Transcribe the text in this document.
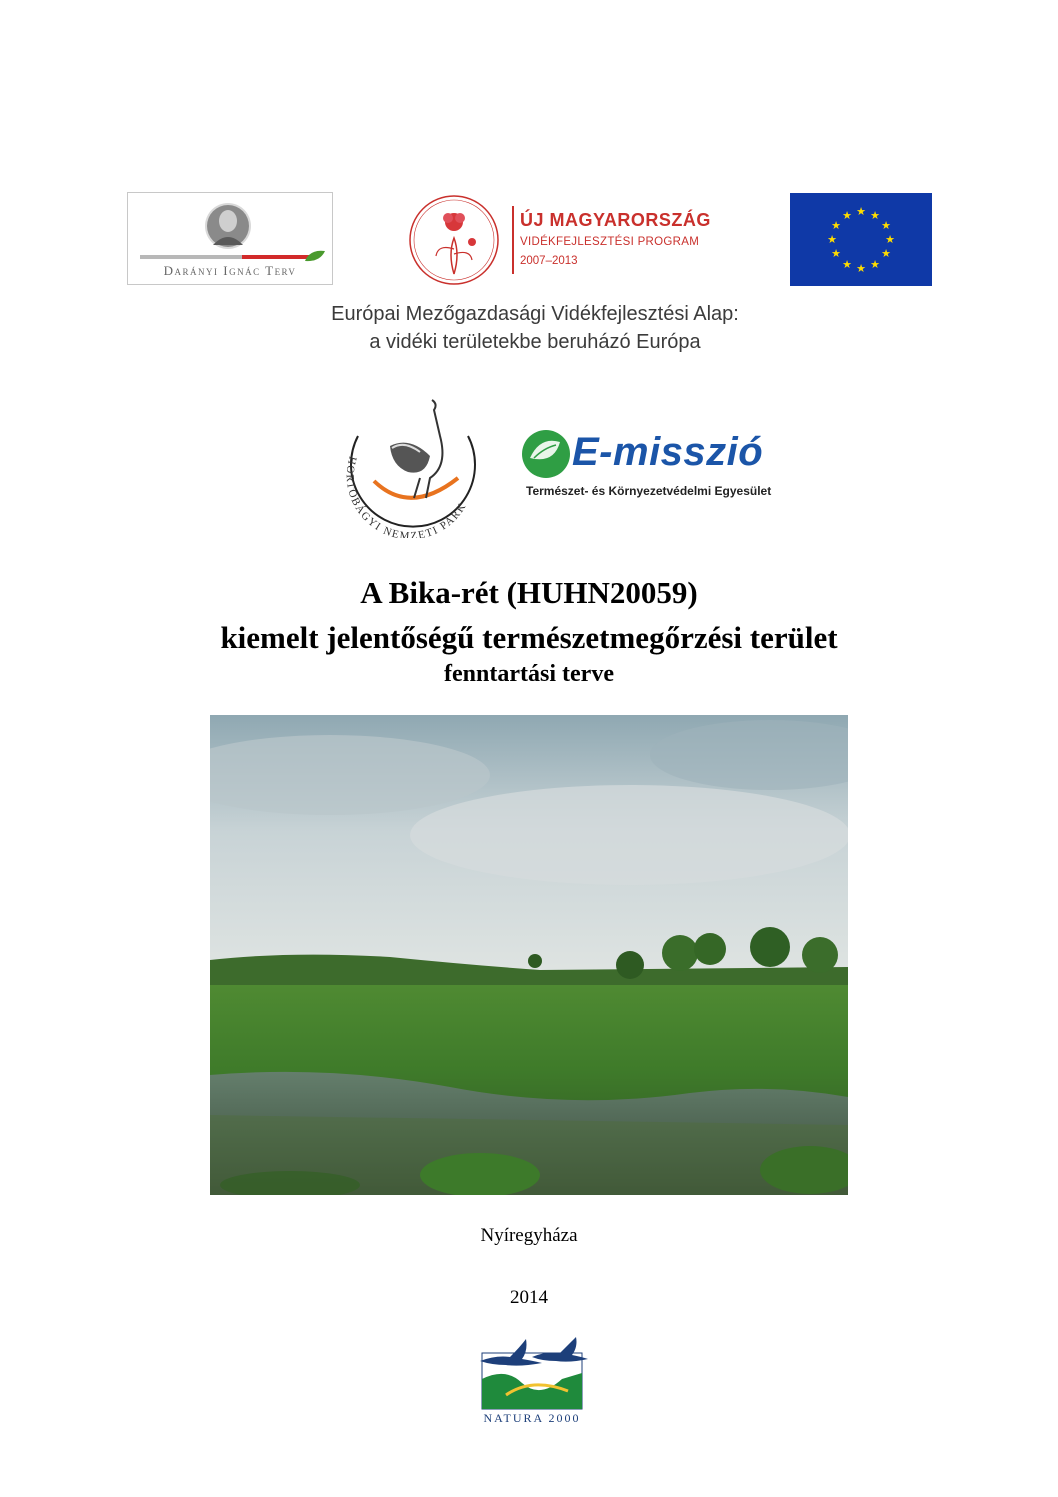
Darányi Ignác Terv
ÚJ MAGYARORSZÁG
VIDÉKFEJLESZTÉSI PROGRAM
2007–2013
★ ★
★
★
★
★
★
★
★
★
★
★
Európai Mezőgazdasági Vidékfejlesztési Alap:
a vidéki területekbe beruházó Európa
HORTOBÁGYI NEMZETI PARK
E-misszió
Természet- és Környezetvédelmi Egyesület
A Bika-rét (HUHN20059)
kiemelt jelentőségű természetmegőrzési terület
fenntartási terve
Nyíregyháza
2014
NATURA 2000
